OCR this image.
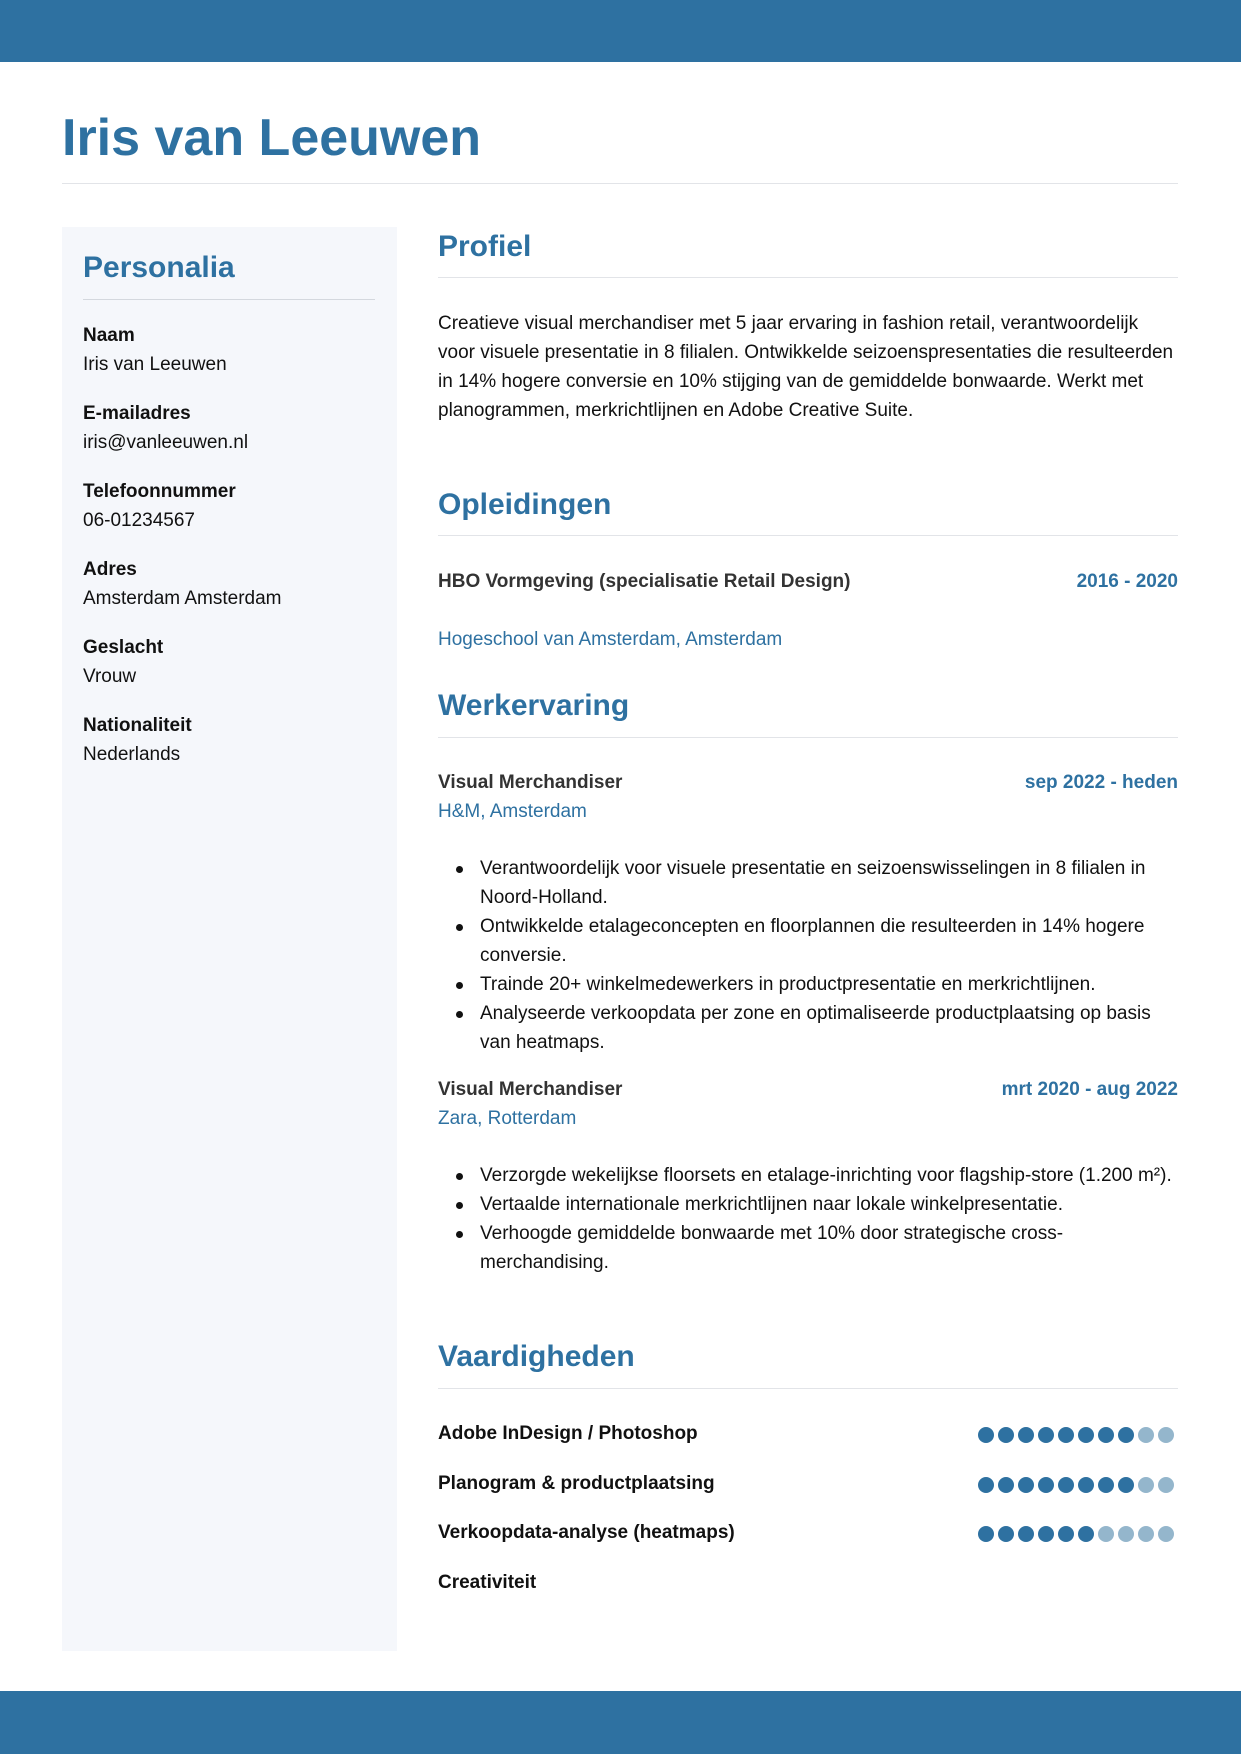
Iris van Leeuwen
Personalia
Naam
Iris van Leeuwen
E-mailadres
iris@vanleeuwen.nl
Telefoonnummer
06-01234567
Adres
Amsterdam Amsterdam
Geslacht
Vrouw
Nationaliteit
Nederlands
Profiel
Creatieve visual merchandiser met 5 jaar ervaring in fashion retail, verantwoordelijk voor visuele presentatie in 8 filialen. Ontwikkelde seizoenspresentaties die resulteerden in 14% hogere conversie en 10% stijging van de gemiddelde bonwaarde. Werkt met planogrammen, merkrichtlijnen en Adobe Creative Suite.
Opleidingen
HBO Vormgeving (specialisatie Retail Design)	2016 - 2020
Hogeschool van Amsterdam, Amsterdam
Werkervaring
Visual Merchandiser	sep 2022 - heden
H&M, Amsterdam
Verantwoordelijk voor visuele presentatie en seizoenswisselingen in 8 filialen in Noord-Holland.
Ontwikkelde etalageconcepten en floorplannen die resulteerden in 14% hogere conversie.
Trainde 20+ winkelmedewerkers in productpresentatie en merkrichtlijnen.
Analyseerde verkoopdata per zone en optimaliseerde productplaatsing op basis van heatmaps.
Visual Merchandiser	mrt 2020 - aug 2022
Zara, Rotterdam
Verzorgde wekelijkse floorsets en etalage-inrichting voor flagship-store (1.200 m²).
Vertaalde internationale merkrichtlijnen naar lokale winkelpresentatie.
Verhoogde gemiddelde bonwaarde met 10% door strategische cross-merchandising.
Vaardigheden
Adobe InDesign / Photoshop
Planogram & productplaatsing
Verkoopdata-analyse (heatmaps)
Creativiteit
